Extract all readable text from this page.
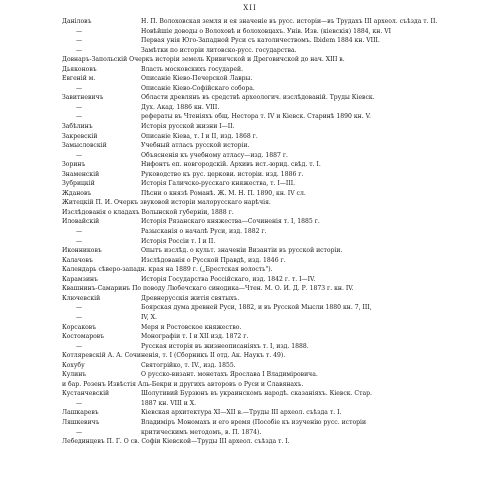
XII
Даніловъ	Н. П. Волоховская земля и ея значеніе въ русс. исторіи—въ Трудахъ III археол. съѣзда т. II.
—	Новѣйшіе доводы о Волоховѣ и болоховцахъ. Унів. Изв. (кіевскія) 1884, кн. VI
—	Первая унія Юго-Западной Руси съ католичествомъ. Ibidem 1884 кн. VIII.
—	Замѣтки по исторіи литовско-русс. государства.
Довнаръ-Запольскій Очеркъ исторіи земель Кривичской и Дреговичской до нач. XIII в.
Дьяконовъ	Власть московскихъ государей.
Евгеній м.	Описаніе Кіево-Печерской Лавры.
—	Описаніе Кіево-Софійскаго собора.
Завитневичъ	Области древлянъ въ средствѣ археологич. изслѣдованій. Труды Кіевск.
—	Дух. Акад. 1886 кн. VIII.
—	рефераты въ Чтеніяхъ общ. Нестора т. IV и Кіевск. Старинѣ 1890 кн. V.
Забѣлинъ	Исторія русской жизни I—II.
Закревскій	Описаніе Кіева, т. I и II, изд. 1868 г.
Замысловскій	Учебный атласъ русской исторіи.
—	Объясненія къ учебному атласу—изд. 1887 г.
Зоринъ	Нифонтъ еп. новгородскій. Архивъ ист.-юрид. свѣд. т. I.
Знаменскій	Руководство къ рус. церкови. исторіи. изд. 1886 г.
Зубрицкій	Исторія Галичско-русскаго княжества, т. I—III.
Ждановъ	Пѣсни о князѣ Романѣ. Ж. М. Н. П. 1890, кн. IV сл.
Житецкій П. И. Очеркъ звуковой исторіи малорусскаго нарѣчія.
Изслѣдованія о кладахъ Волынской губерніи, 1888 г.
Иловайскій	Исторія Рязанскаго княжества—Сочиненія т. I, 1885 г.
—	Разысканія о началѣ Руси, изд. 1882 г.
—	Исторія Россіи т. I и II.
Иконниковъ	Опытъ изслѣд. о культ. значеніи Византіи въ русской исторіи.
Калачовъ	Изслѣдованія о Русской Правдѣ, изд. 1846 г.
Календарь сѣверо-западн. края на 1889 г. („Брестская волость").
Карамзинъ	Исторія Государства Россійскаго, изд. 1842 г. т. I—IV.
Квашнинъ-Самаринъ По поводу Любечскаго синодика—Чтен. М. О. И. Д. Р. 1873 г. кн. IV.
Ключевскій	Древнерусскія житія святыхъ.
—	Боярская дума древней Руси, 1882, и въ Русской Мысли 1880 кн. 7, III,
—	IV, X.
Корсаковъ	Меря и Ростовское княжество.
Костомаровъ	Монографіи т. I и XII изд. 1872 г.
—	Русская исторія въ жизнеописаніяхъ т. I, изд. 1888.
Котляревскій А. А. Сочиненія, т. I (Сборникъ II отд. Ак. Наукъ т. 49).
Кохубу	Святогрійко, т. IV., изд. 1855.
Кулинъ	О русско-визант. монетахъ Ярослава I Владиміровича.
и бар. Розенъ Извѣстія Аль-Бекри и другихъ авторовъ о Руси и Славянахъ.
Кустанчевскій	Шолутивий Бурзюнъ въ украинскомъ народѣ. сказаніяхъ. Кіевск. Стар.
—	1887 кн. VIII и X.
Лашкаревъ	Кіевская архитектура XI—XII в.—Труды III археол. съѣзда т. I.
Ляшкевичъ	Владиміръ Мономахъ и его время (Пособіе къ изученію русс. исторіи
—	критическимъ методомъ, в. П. 1874).
Лебединцевъ П. Г. О св. Софіи Кіевской—Труды III археол. съѣзда т. I.
